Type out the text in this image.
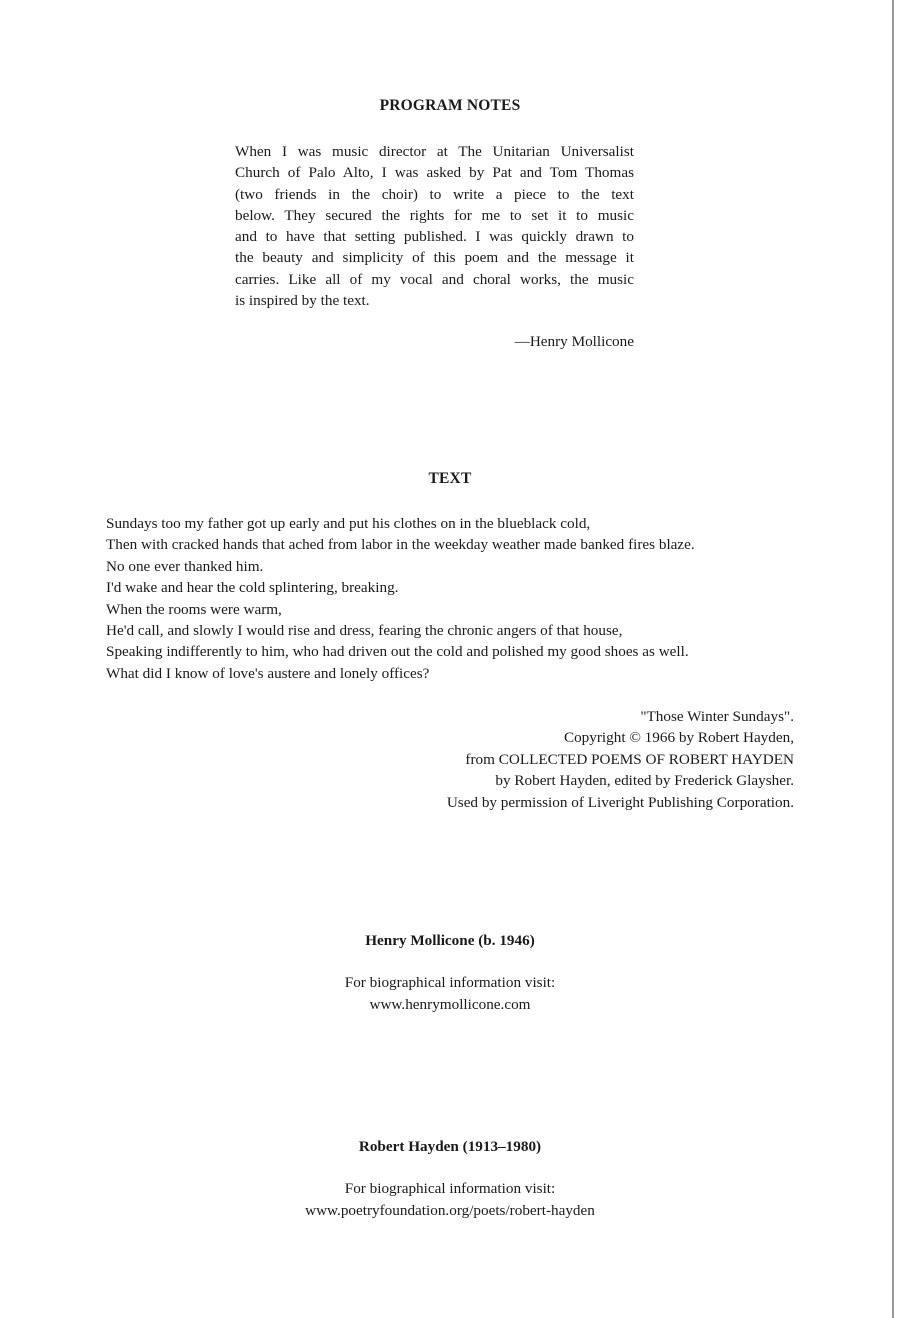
PROGRAM NOTES
When I was music director at The Unitarian Universalist
Church of Palo Alto, I was asked by Pat and Tom Thomas
(two friends in the choir) to write a piece to the text
below. They secured the rights for me to set it to music
and to have that setting published. I was quickly drawn to
the beauty and simplicity of this poem and the message it
carries. Like all of my vocal and choral works, the music
is inspired by the text.
—Henry Mollicone
TEXT
Sundays too my father got up early and put his clothes on in the blueblack cold,
Then with cracked hands that ached from labor in the weekday weather made banked fires blaze.
No one ever thanked him.
I'd wake and hear the cold splintering, breaking.
When the rooms were warm,
He'd call, and slowly I would rise and dress, fearing the chronic angers of that house,
Speaking indifferently to him, who had driven out the cold and polished my good shoes as well.
What did I know of love's austere and lonely offices?
"Those Winter Sundays".
Copyright © 1966 by Robert Hayden,
from COLLECTED POEMS OF ROBERT HAYDEN
by Robert Hayden, edited by Frederick Glaysher.
Used by permission of Liveright Publishing Corporation.
Henry Mollicone (b. 1946)
For biographical information visit:
www.henrymollicone.com
Robert Hayden (1913–1980)
For biographical information visit:
www.poetryfoundation.org/poets/robert-hayden
